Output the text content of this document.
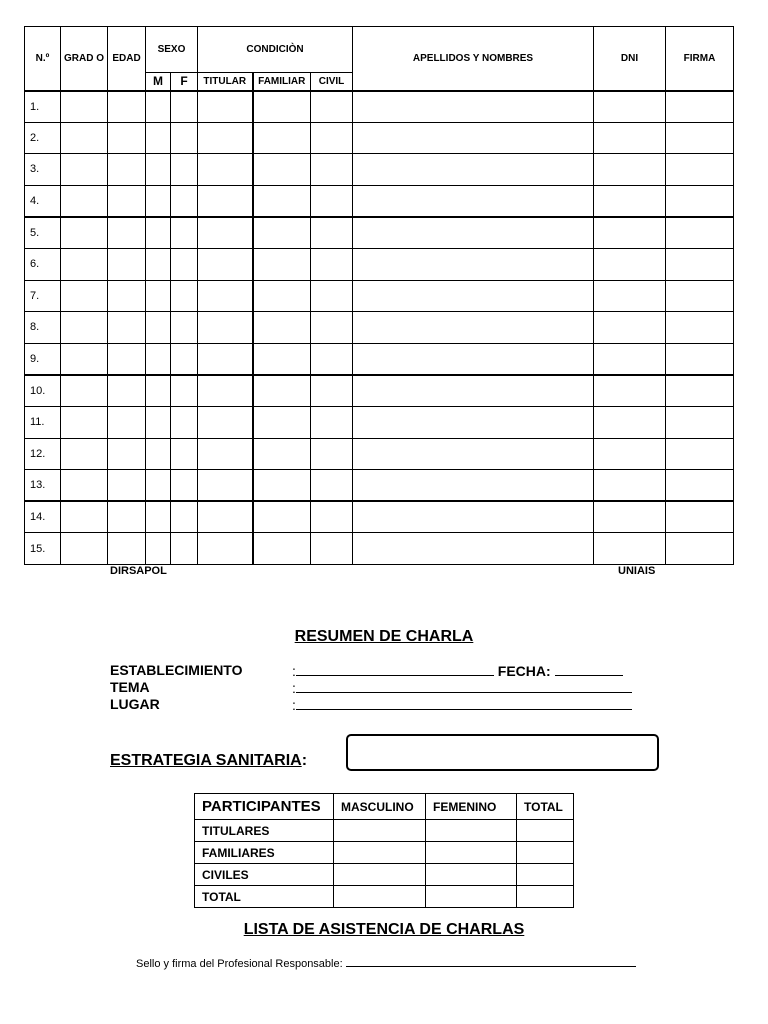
N.º	GRAD O	EDAD	SEXO		CONDICIÒN			APELLIDOS Y NOMBRES	DNI	FIRMA
			M	F	TITULAR	FAMILIAR	CIVIL			
1.										
2.										
3.										
4.										
5.										
6.										
7.										
8.										
9.										
10.										
11.										
12.										
13.										
14.										
15.										
DIRSAPOL	UNIAIS
RESUMEN DE CHARLA
ESTABLECIMIENTO
TEMA
LUGAR
:	FECHA:
:
:
ESTRATEGIA SANITARIA:
PARTICIPANTES	MASCULINO	FEMENINO	TOTAL
TITULARES			
FAMILIARES			
CIVILES			
TOTAL			
LISTA DE ASISTENCIA DE CHARLAS
Sello y firma del Profesional Responsable:
